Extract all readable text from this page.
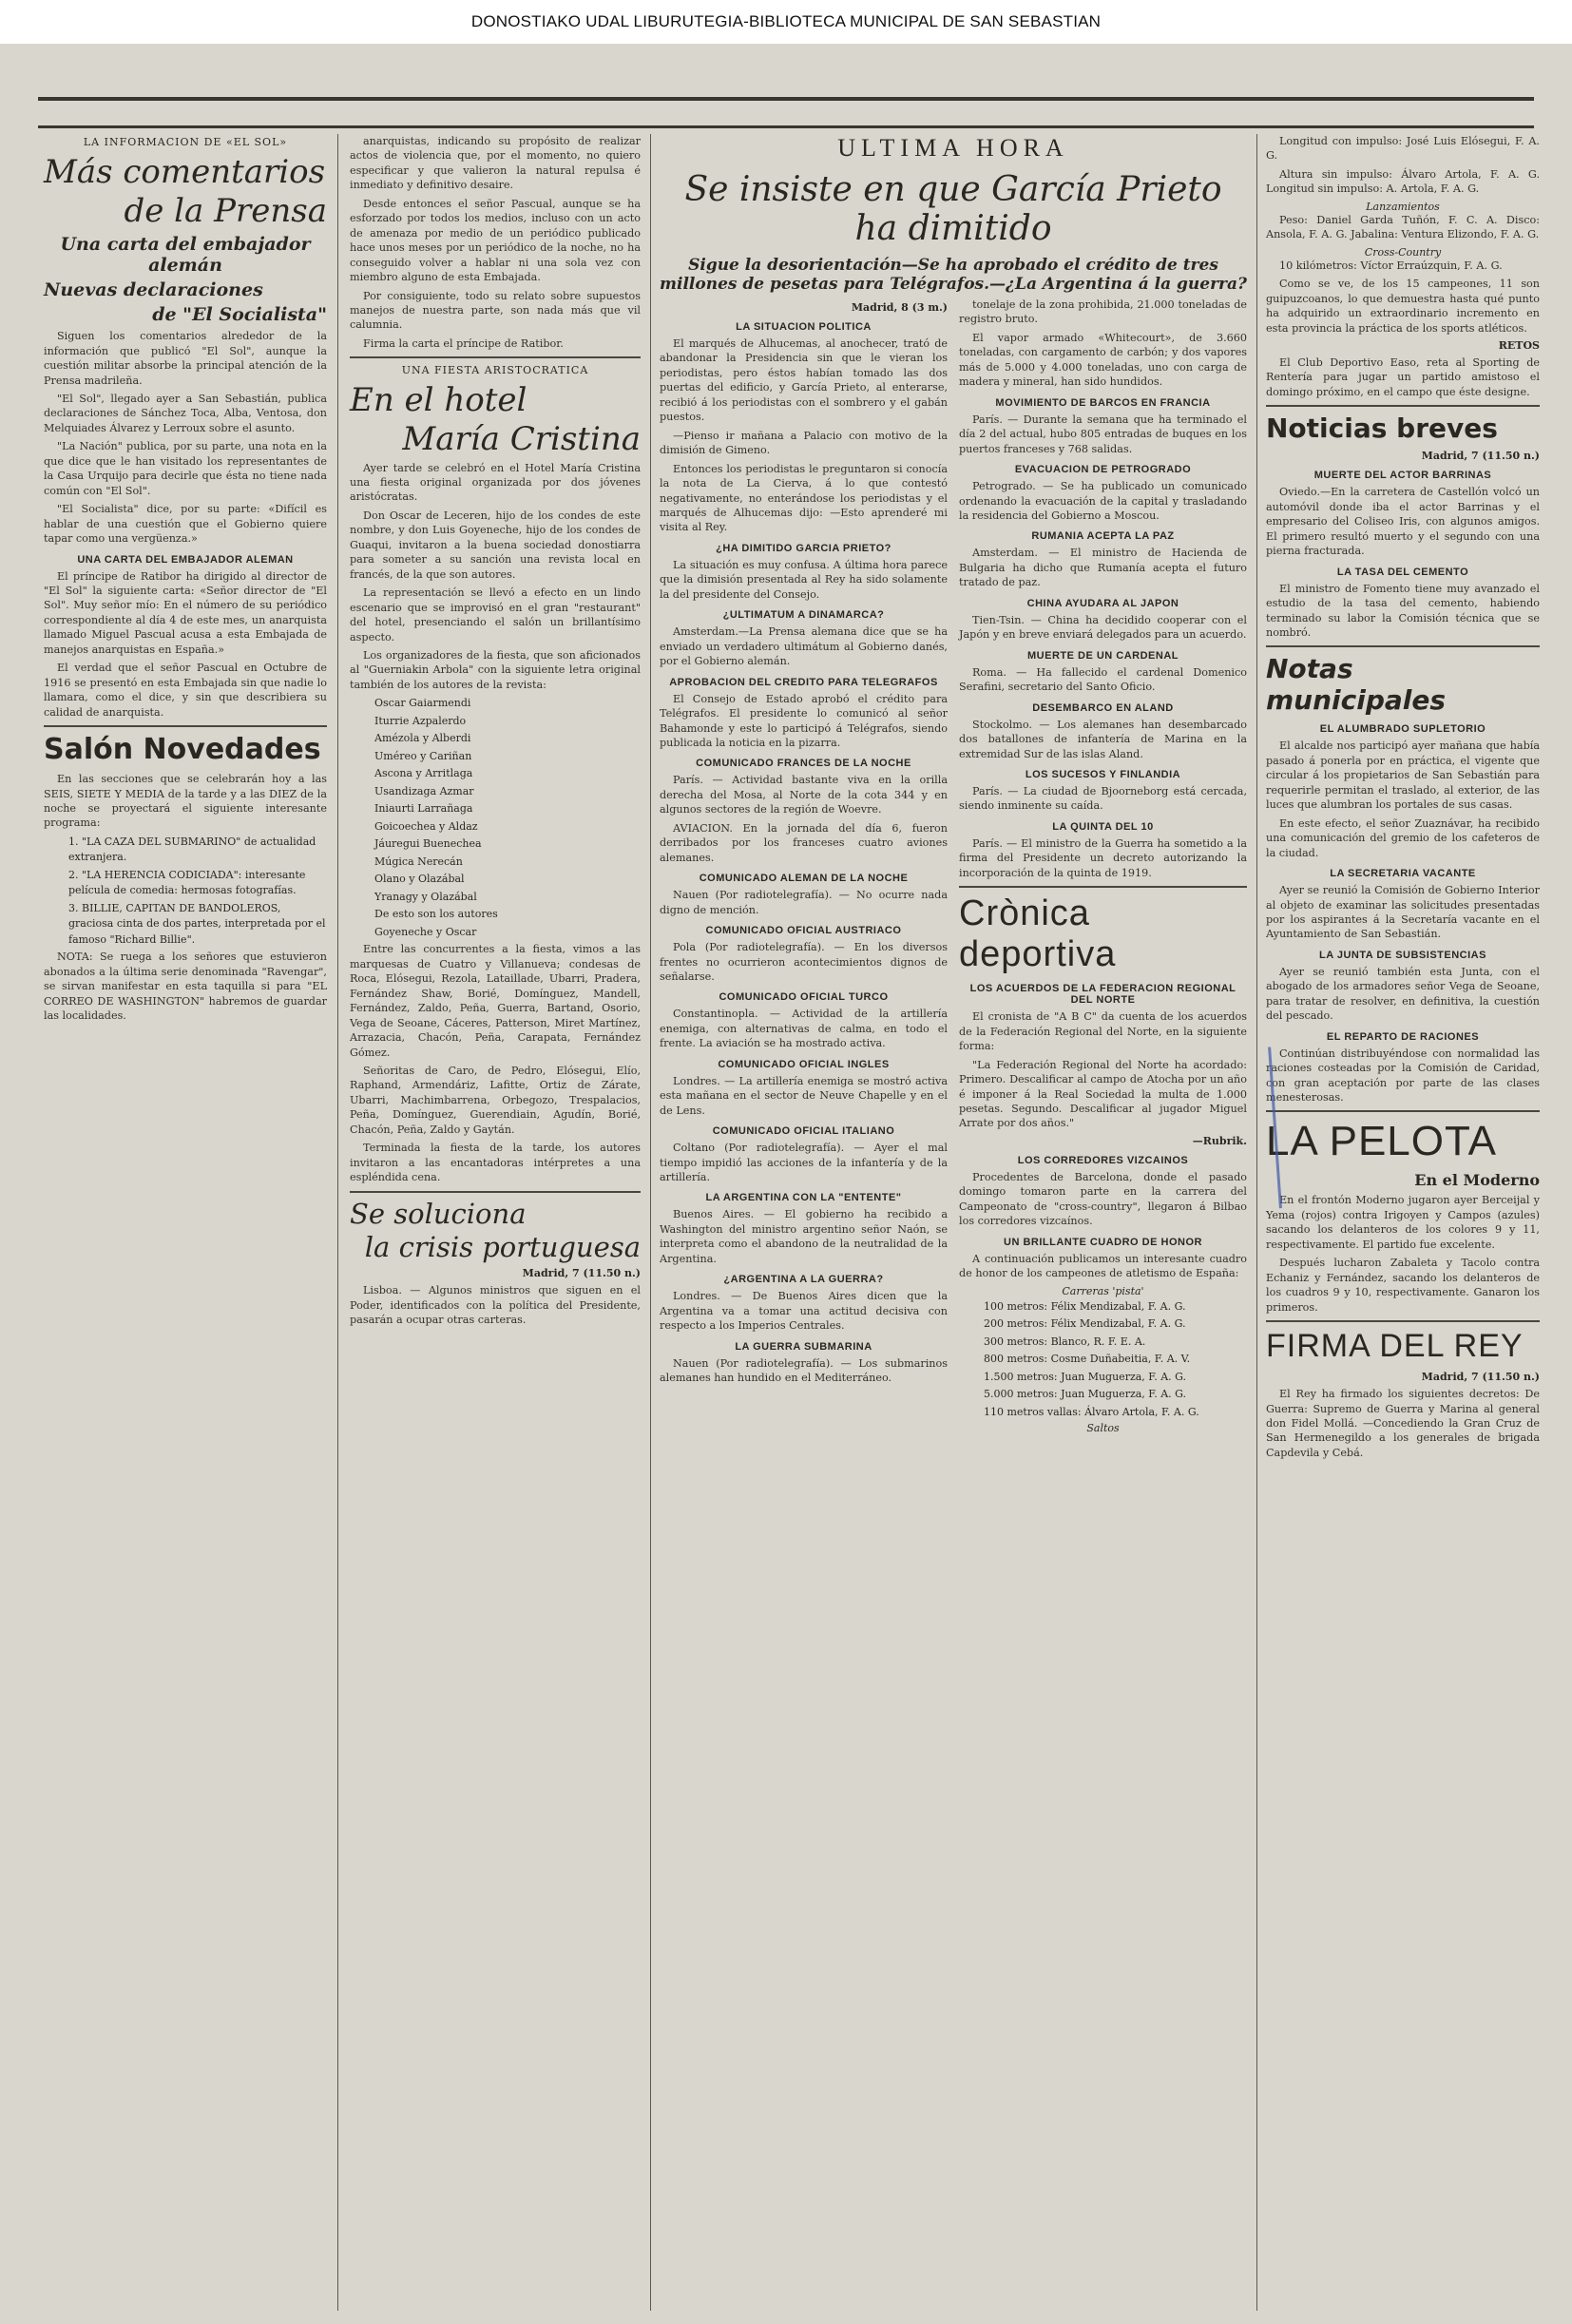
DONOSTIAKO UDAL LIBURUTEGIA-BIBLIOTECA MUNICIPAL DE SAN SEBASTIAN
LA INFORMACION DE «EL SOL»
Más comentarios
de la Prensa
Una carta del embajador alemán
Nuevas declaraciones
de "El Socialista"

Siguen los comentarios alrededor de la información que publicó "El Sol", aunque la cuestión militar absorbe la principal atención de la Prensa madrileña.

"El Sol", llegado ayer a San Sebastián, publica declaraciones de Sánchez Toca, Alba, Ventosa, don Melquiades Álvarez y Lerroux sobre el asunto.

"La Nación" publica, por su parte, una nota en la que dice que le han visitado los representantes de la Casa Urquijo para decirle que ésta no tiene nada común con "El Sol".

"El Socialista" dice, por su parte: «Difícil es hablar de una cuestión que el Gobierno quiere tapar como una vergüenza.»

UNA CARTA DEL EMBAJADOR ALEMAN

El príncipe de Ratibor ha dirigido al director de "El Sol" la siguiente carta: «Señor director de "El Sol". Muy señor mío: En el número de su periódico correspondiente al día 4 de este mes, un anarquista llamado Miguel Pascual acusa a esta Embajada de manejos anarquistas en España.»

El verdad que el señor Pascual en Octubre de 1916 se presentó en esta Embajada sin que nadie lo llamara, como el dice, y sin que describiera su calidad de anarquista.

Salón Novedades

En las secciones que se celebrarán hoy a las SEIS, SIETE Y MEDIA de la tarde y a las DIEZ de la noche se proyectará el siguiente interesante programa:

1. "LA CAZA DEL SUBMARINO" de actualidad extranjera.
2. "LA HERENCIA CODICIADA": interesante película de comedia: hermosas fotografías.
3. BILLIE, CAPITAN DE BANDOLEROS, graciosa cinta de dos partes, interpretada por el famoso "Richard Billie".

NOTA: Se ruega a los señores que estuvieron abonados a la última serie denominada "Ravengar", se sirvan manifestar en esta taquilla si para "EL CORREO DE WASHINGTON" habremos de guardar las localidades.

anarquistas, indicando su propósito de realizar actos de violencia que, por el momento, no quiero especificar y que valieron la natural repulsa é inmediato y definitivo desaire.

Desde entonces el señor Pascual, aunque se ha esforzado por todos los medios, incluso con un acto de amenaza por medio de un periódico publicado hace unos meses por un periódico de la noche, no ha conseguido volver a hablar ni una sola vez con miembro alguno de esta Embajada.

Por consiguiente, todo su relato sobre supuestos manejos de nuestra parte, son nada más que vil calumnia.

Firma la carta el príncipe de Ratibor.

UNA FIESTA ARISTOCRATICA
En el hotel
María Cristina

Ayer tarde se celebró en el Hotel María Cristina una fiesta original organizada por dos jóvenes aristócratas.

Don Oscar de Leceren, hijo de los condes de este nombre, y don Luis Goyeneche, hijo de los condes de Guaqui, invitaron a la buena sociedad donostiarra para someter a su sanción una revista local en francés, de la que son autores.

La representación se llevó a efecto en un lindo escenario que se improvisó en el gran "restaurant" del hotel, presenciando el salón un brillantísimo aspecto.

Los organizadores de la fiesta, que son aficionados al "Guerniakin Arbola" con la siguiente letra original también de los autores de la revista:

Oscar Gaiarmendi
Iturrie Azpalerdo
Amézola y Alberdi
Uméreo y Cariñan
Ascona y Arritlaga
Usandizaga Azmar
Iniaurti Larrañaga
Goicoechea y Aldaz
Jáuregui Buenechea
Múgica Nerecán
Olano y Olazábal
Yranagy y Olazábal
De esto son los autores
Goyeneche y Oscar

Entre las concurrentes a la fiesta, vimos a las marquesas de Cuatro y Villanueva; condesas de Roca, Elósegui, Rezola, Lataillade, Ubarri, Pradera, Fernández Shaw, Borié, Domínguez, Mandell, Fernández, Zaldo, Peña, Guerra, Bartand, Osorio, Vega de Seoane, Cáceres, Patterson, Miret Martínez, Arrazacia, Chacón, Peña, Carapata, Fernández Gómez.

Señoritas de Caro, de Pedro, Elósegui, Elío, Raphand, Armendáriz, Lafitte, Ortiz de Zárate, Ubarri, Machimbarrena, Orbegozo, Trespalacios, Peña, Domínguez, Guerendiain, Agudín, Borié, Chacón, Peña, Zaldo y Gaytán.

Terminada la fiesta de la tarde, los autores invitaron a las encantadoras intérpretes a una espléndida cena.

Se soluciona
la crisis portuguesa
Madrid, 7 (11.50 n.)

Lisboa. — Algunos ministros que siguen en el Poder, identificados con la política del Presidente, pasarán a ocupar otras carteras.

ULTIMA HORA
Se insiste en que García Prieto ha dimitido
Sigue la desorientación—Se ha aprobado el crédito de tres millones de pesetas para Telégrafos.—¿La Argentina á la guerra?
Madrid, 8 (3 m.)
LA SITUACION POLITICA

El marqués de Alhucemas, al anochecer, trató de abandonar la Presidencia sin que le vieran los periodistas, pero éstos habían tomado las dos puertas del edificio, y García Prieto, al enterarse, recibió á los periodistas con el sombrero y el gabán puestos.

—Pienso ir mañana a Palacio con motivo de la dimisión de Gimeno.

Entonces los periodistas le preguntaron si conocía la nota de La Cierva, á lo que contestó negativamente, no enterándose los periodistas y el marqués de Alhucemas dijo: —Esto aprenderé mi visita al Rey.

¿HA DIMITIDO GARCIA PRIETO?

La situación es muy confusa. A última hora parece que la dimisión presentada al Rey ha sido solamente la del presidente del Consejo.

¿ULTIMATUM A DINAMARCA?

Amsterdam.—La Prensa alemana dice que se ha enviado un verdadero ultimátum al Gobierno danés, por el Gobierno alemán.

APROBACION DEL CREDITO PARA TELEGRAFOS

El Consejo de Estado aprobó el crédito para Telégrafos. El presidente lo comunicó al señor Bahamonde y este lo participó á Telégrafos, siendo publicada la noticia en la pizarra.

COMUNICADO FRANCES DE LA NOCHE

París. — Actividad bastante viva en la orilla derecha del Mosa, al Norte de la cota 344 y en algunos sectores de la región de Woevre.

AVIACION. En la jornada del día 6, fueron derribados por los franceses cuatro aviones alemanes.

COMUNICADO ALEMAN DE LA NOCHE

Nauen (Por radiotelegrafía). — No ocurre nada digno de mención.

COMUNICADO OFICIAL AUSTRIACO

Pola (Por radiotelegrafía). — En los diversos frentes no ocurrieron acontecimientos dignos de señalarse.

COMUNICADO OFICIAL TURCO

Constantinopla. — Actividad de la artillería enemiga, con alternativas de calma, en todo el frente. La aviación se ha mostrado activa.

COMUNICADO OFICIAL INGLES

Londres. — La artillería enemiga se mostró activa esta mañana en el sector de Neuve Chapelle y en el de Lens.

COMUNICADO OFICIAL ITALIANO

Coltano (Por radiotelegrafía). — Ayer el mal tiempo impidió las acciones de la infantería y de la artillería.

LA ARGENTINA CON LA "ENTENTE"

Buenos Aires. — El gobierno ha recibido a Washington del ministro argentino señor Naón, se interpreta como el abandono de la neutralidad de la Argentina.

¿ARGENTINA A LA GUERRA?

Londres. — De Buenos Aires dicen que la Argentina va a tomar una actitud decisiva con respecto a los Imperios Centrales.

LA GUERRA SUBMARINA

Nauen (Por radiotelegrafía). — Los submarinos alemanes han hundido en el Mediterráneo.

tonelaje de la zona prohibida, 21.000 toneladas de registro bruto.

El vapor armado «Whitecourt», de 3.660 toneladas, con cargamento de carbón; y dos vapores más de 5.000 y 4.000 toneladas, uno con carga de madera y mineral, han sido hundidos.

MOVIMIENTO DE BARCOS EN FRANCIA

París. — Durante la semana que ha terminado el día 2 del actual, hubo 805 entradas de buques en los puertos franceses y 768 salidas.

EVACUACION DE PETROGRADO

Petrogrado. — Se ha publicado un comunicado ordenando la evacuación de la capital y trasladando la residencia del Gobierno a Moscou.

RUMANIA ACEPTA LA PAZ

Amsterdam. — El ministro de Hacienda de Bulgaria ha dicho que Rumanía acepta el futuro tratado de paz.

CHINA AYUDARA AL JAPON

Tien-Tsin. — China ha decidido cooperar con el Japón y en breve enviará delegados para un acuerdo.

MUERTE DE UN CARDENAL

Roma. — Ha fallecido el cardenal Domenico Serafini, secretario del Santo Oficio.

DESEMBARCO EN ALAND

Stockolmo. — Los alemanes han desembarcado dos batallones de infantería de Marina en la extremidad Sur de las islas Aland.

LOS SUCESOS Y FINLANDIA

París. — La ciudad de Bjoorneborg está cercada, siendo inminente su caída.

LA QUINTA DEL 10

París. — El ministro de la Guerra ha sometido a la firma del Presidente un decreto autorizando la incorporación de la quinta de 1919.

Crònica deportiva
LOS ACUERDOS DE LA FEDERACION REGIONAL DEL NORTE

El cronista de "A B C" da cuenta de los acuerdos de la Federación Regional del Norte, en la siguiente forma:

"La Federación Regional del Norte ha acordado: Primero. Descalificar al campo de Atocha por un año é imponer á la Real Sociedad la multa de 1.000 pesetas. Segundo. Descalificar al jugador Miguel Arrate por dos años."

—Rubrik.
LOS CORREDORES VIZCAINOS

Procedentes de Barcelona, donde el pasado domingo tomaron parte en la carrera del Campeonato de "cross-country", llegaron á Bilbao los corredores vizcaínos.

UN BRILLANTE CUADRO DE HONOR

A continuación publicamos un interesante cuadro de honor de los campeones de atletismo de España:

Carreras 'pista'
100 metros: Félix Mendizabal, F. A. G.
200 metros: Félix Mendizabal, F. A. G.
300 metros: Blanco, R. F. E. A.
800 metros: Cosme Duñabeitia, F. A. V.
1.500 metros: Juan Muguerza, F. A. G.
5.000 metros: Juan Muguerza, F. A. G.
110 metros vallas: Álvaro Artola, F. A. G.
Saltos

Longitud con impulso: José Luis Elósegui, F. A. G.

Altura sin impulso: Álvaro Artola, F. A. G. Longitud sin impulso: A. Artola, F. A. G.

Lanzamientos

Peso: Daniel Garda Tuñón, F. C. A. Disco: Ansola, F. A. G. Jabalina: Ventura Elizondo, F. A. G.

Cross-Country

10 kilómetros: Víctor Erraúzquin, F. A. G.

Como se ve, de los 15 campeones, 11 son guipuzcoanos, lo que demuestra hasta qué punto ha adquirido un extraordinario incremento en esta provincia la práctica de los sports atléticos.

RETOS

El Club Deportivo Easo, reta al Sporting de Rentería para jugar un partido amistoso el domingo próximo, en el campo que éste designe.

Noticias breves
Madrid, 7 (11.50 n.)
MUERTE DEL ACTOR BARRINAS

Oviedo.—En la carretera de Castellón volcó un automóvil donde iba el actor Barrinas y el empresario del Coliseo Iris, con algunos amigos. El primero resultó muerto y el segundo con una pierna fracturada.

LA TASA DEL CEMENTO

El ministro de Fomento tiene muy avanzado el estudio de la tasa del cemento, habiendo terminado su labor la Comisión técnica que se nombró.

Notas municipales
EL ALUMBRADO SUPLETORIO

El alcalde nos participó ayer mañana que había pasado á ponerla por en práctica, el vigente que circular á los propietarios de San Sebastián para requerirle permitan el traslado, al exterior, de las luces que alumbran los portales de sus casas.

En este efecto, el señor Zuaznávar, ha recibido una comunicación del gremio de los cafeteros de la ciudad.

LA SECRETARIA VACANTE

Ayer se reunió la Comisión de Gobierno Interior al objeto de examinar las solicitudes presentadas por los aspirantes á la Secretaría vacante en el Ayuntamiento de San Sebastián.

LA JUNTA DE SUBSISTENCIAS

Ayer se reunió también esta Junta, con el abogado de los armadores señor Vega de Seoane, para tratar de resolver, en definitiva, la cuestión del pescado.

EL REPARTO DE RACIONES

Continúan distribuyéndose con normalidad las raciones costeadas por la Comisión de Caridad, con gran aceptación por parte de las clases menesterosas.

LA PELOTA
En el Moderno

En el frontón Moderno jugaron ayer Berceijal y Yema (rojos) contra Irigoyen y Campos (azules) sacando los delanteros de los colores 9 y 11, respectivamente. El partido fue excelente.

Después lucharon Zabaleta y Tacolo contra Echaniz y Fernández, sacando los delanteros de los cuadros 9 y 10, respectivamente. Ganaron los primeros.

FIRMA DEL REY
Madrid, 7 (11.50 n.)

El Rey ha firmado los siguientes decretos: De Guerra: Supremo de Guerra y Marina al general don Fidel Mollá. —Concediendo la Gran Cruz de San Hermenegildo a los generales de brigada Capdevila y Cebá.
